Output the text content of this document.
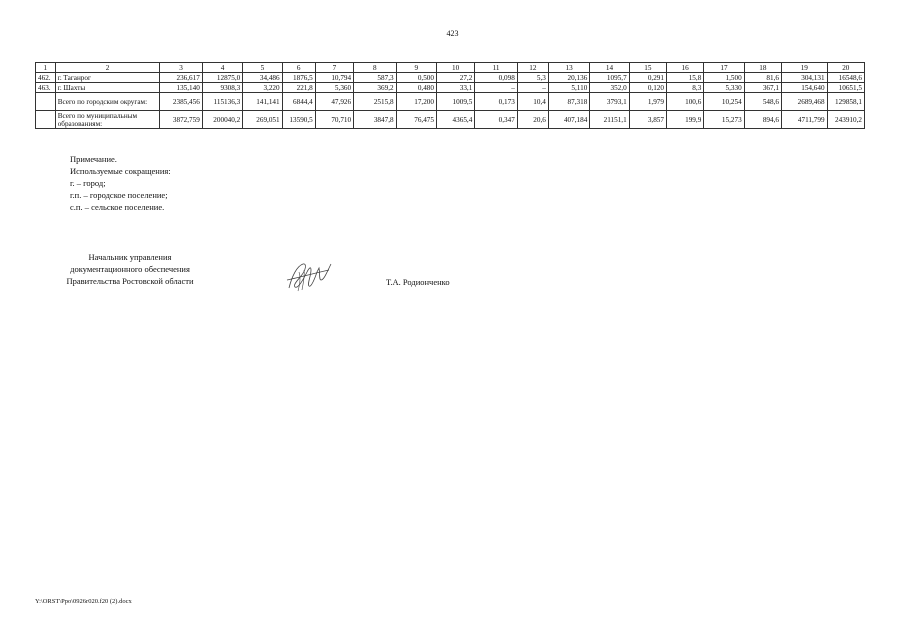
423
1	2	3	4	5	6	7	8	9	10	11	12	13	14	15	16	17	18	19	20
462.	г. Таганрог	236,617	12875,0	34,486	1876,5	10,794	587,3	0,500	27,2	0,098	5,3	20,136	1095,7	0,291	15,8	1,500	81,6	304,131	16548,6
463.	г. Шахты	135,140	9308,3	3,220	221,8	5,360	369,2	0,480	33,1	–	–	5,110	352,0	0,120	8,3	5,330	367,1	154,640	10651,5
	Всего по городским округам:	2385,456	115136,3	141,141	6844,4	47,926	2515,8	17,200	1009,5	0,173	10,4	87,318	3793,1	1,979	100,6	10,254	548,6	2689,468	129858,1
	Всего по муниципальным образованиям:	3872,759	200040,2	269,051	13590,5	70,710	3847,8	76,475	4365,4	0,347	20,6	407,184	21151,1	3,857	199,9	15,273	894,6	4711,799	243910,2
Примечание.
Используемые сокращения:
г. – город;
г.п. – городское поселение;
с.п. – сельское поселение.
Начальник управления
документационного обеспечения
Правительства Ростовской области	Т.А. Родионченко
Y:\ORST\Ppo\0926r020.f20 (2).docx
